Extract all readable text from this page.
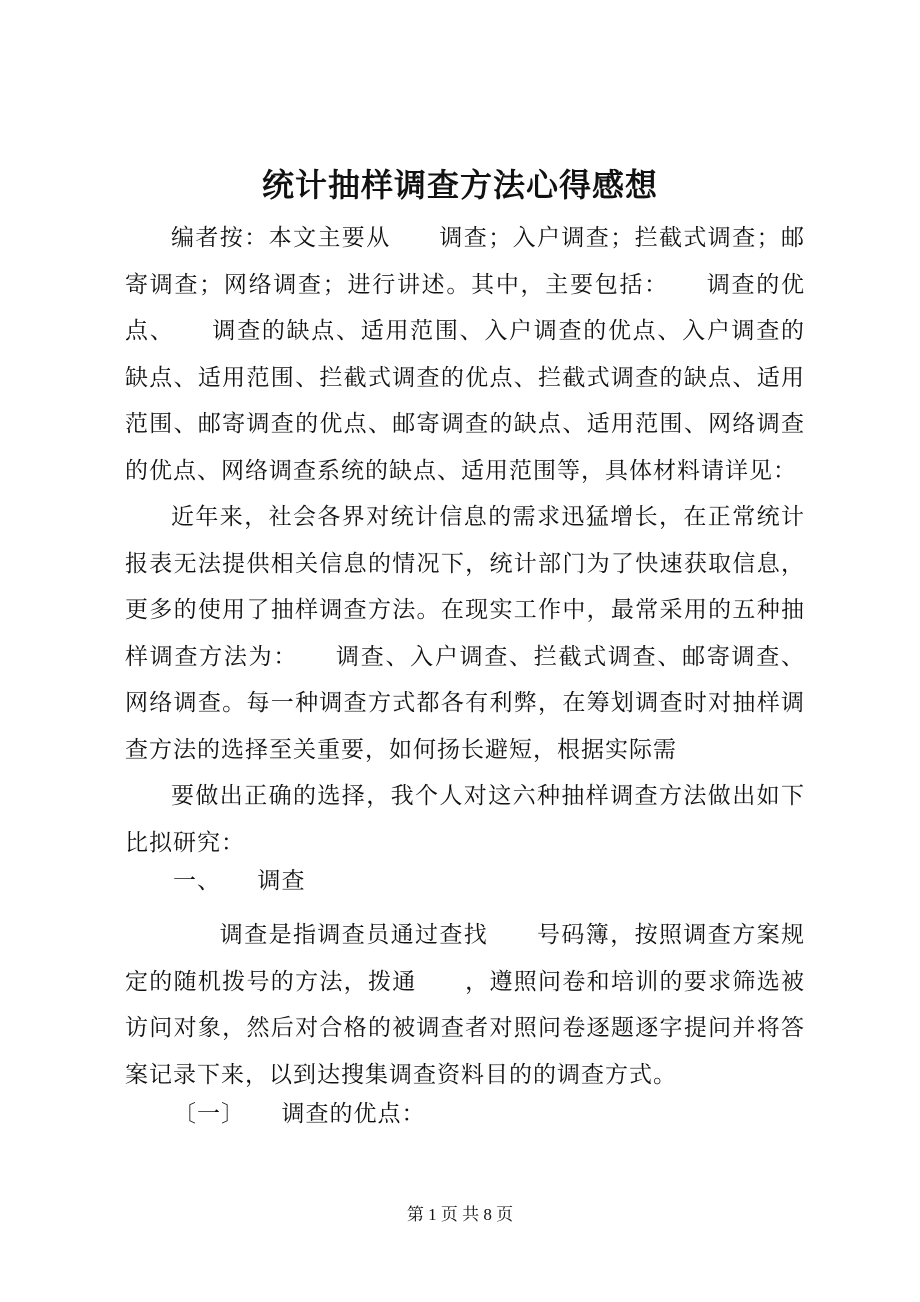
统计抽样调查方法心得感想
编者按：本文主要从　　调查；入户调查；拦截式调查；邮寄调查；网络调查；进行讲述。其中，主要包括：　　调查的优点、　　调查的缺点、适用范围、入户调查的优点、入户调查的缺点、适用范围、拦截式调查的优点、拦截式调查的缺点、适用范围、邮寄调查的优点、邮寄调查的缺点、适用范围、网络调查的优点、网络调查系统的缺点、适用范围等，具体材料请详见：
近年来，社会各界对统计信息的需求迅猛增长，在正常统计报表无法提供相关信息的情况下，统计部门为了快速获取信息，更多的使用了抽样调查方法。在现实工作中，最常采用的五种抽样调查方法为：　　调查、入户调查、拦截式调查、邮寄调查、网络调查。每一种调查方式都各有利弊，在筹划调查时对抽样调查方法的选择至关重要，如何扬长避短，根据实际需
要做出正确的选择，我个人对这六种抽样调查方法做出如下比拟研究：
一、　　调查
　　调查是指调查员通过查找　　号码簿，按照调查方案规定的随机拨号的方法，拨通　　，遵照问卷和培训的要求筛选被访问对象，然后对合格的被调查者对照问卷逐题逐字提问并将答案记录下来，以到达搜集调查资料目的的调查方式。
〔一〕　　调查的优点：
第 1 页 共 8 页
